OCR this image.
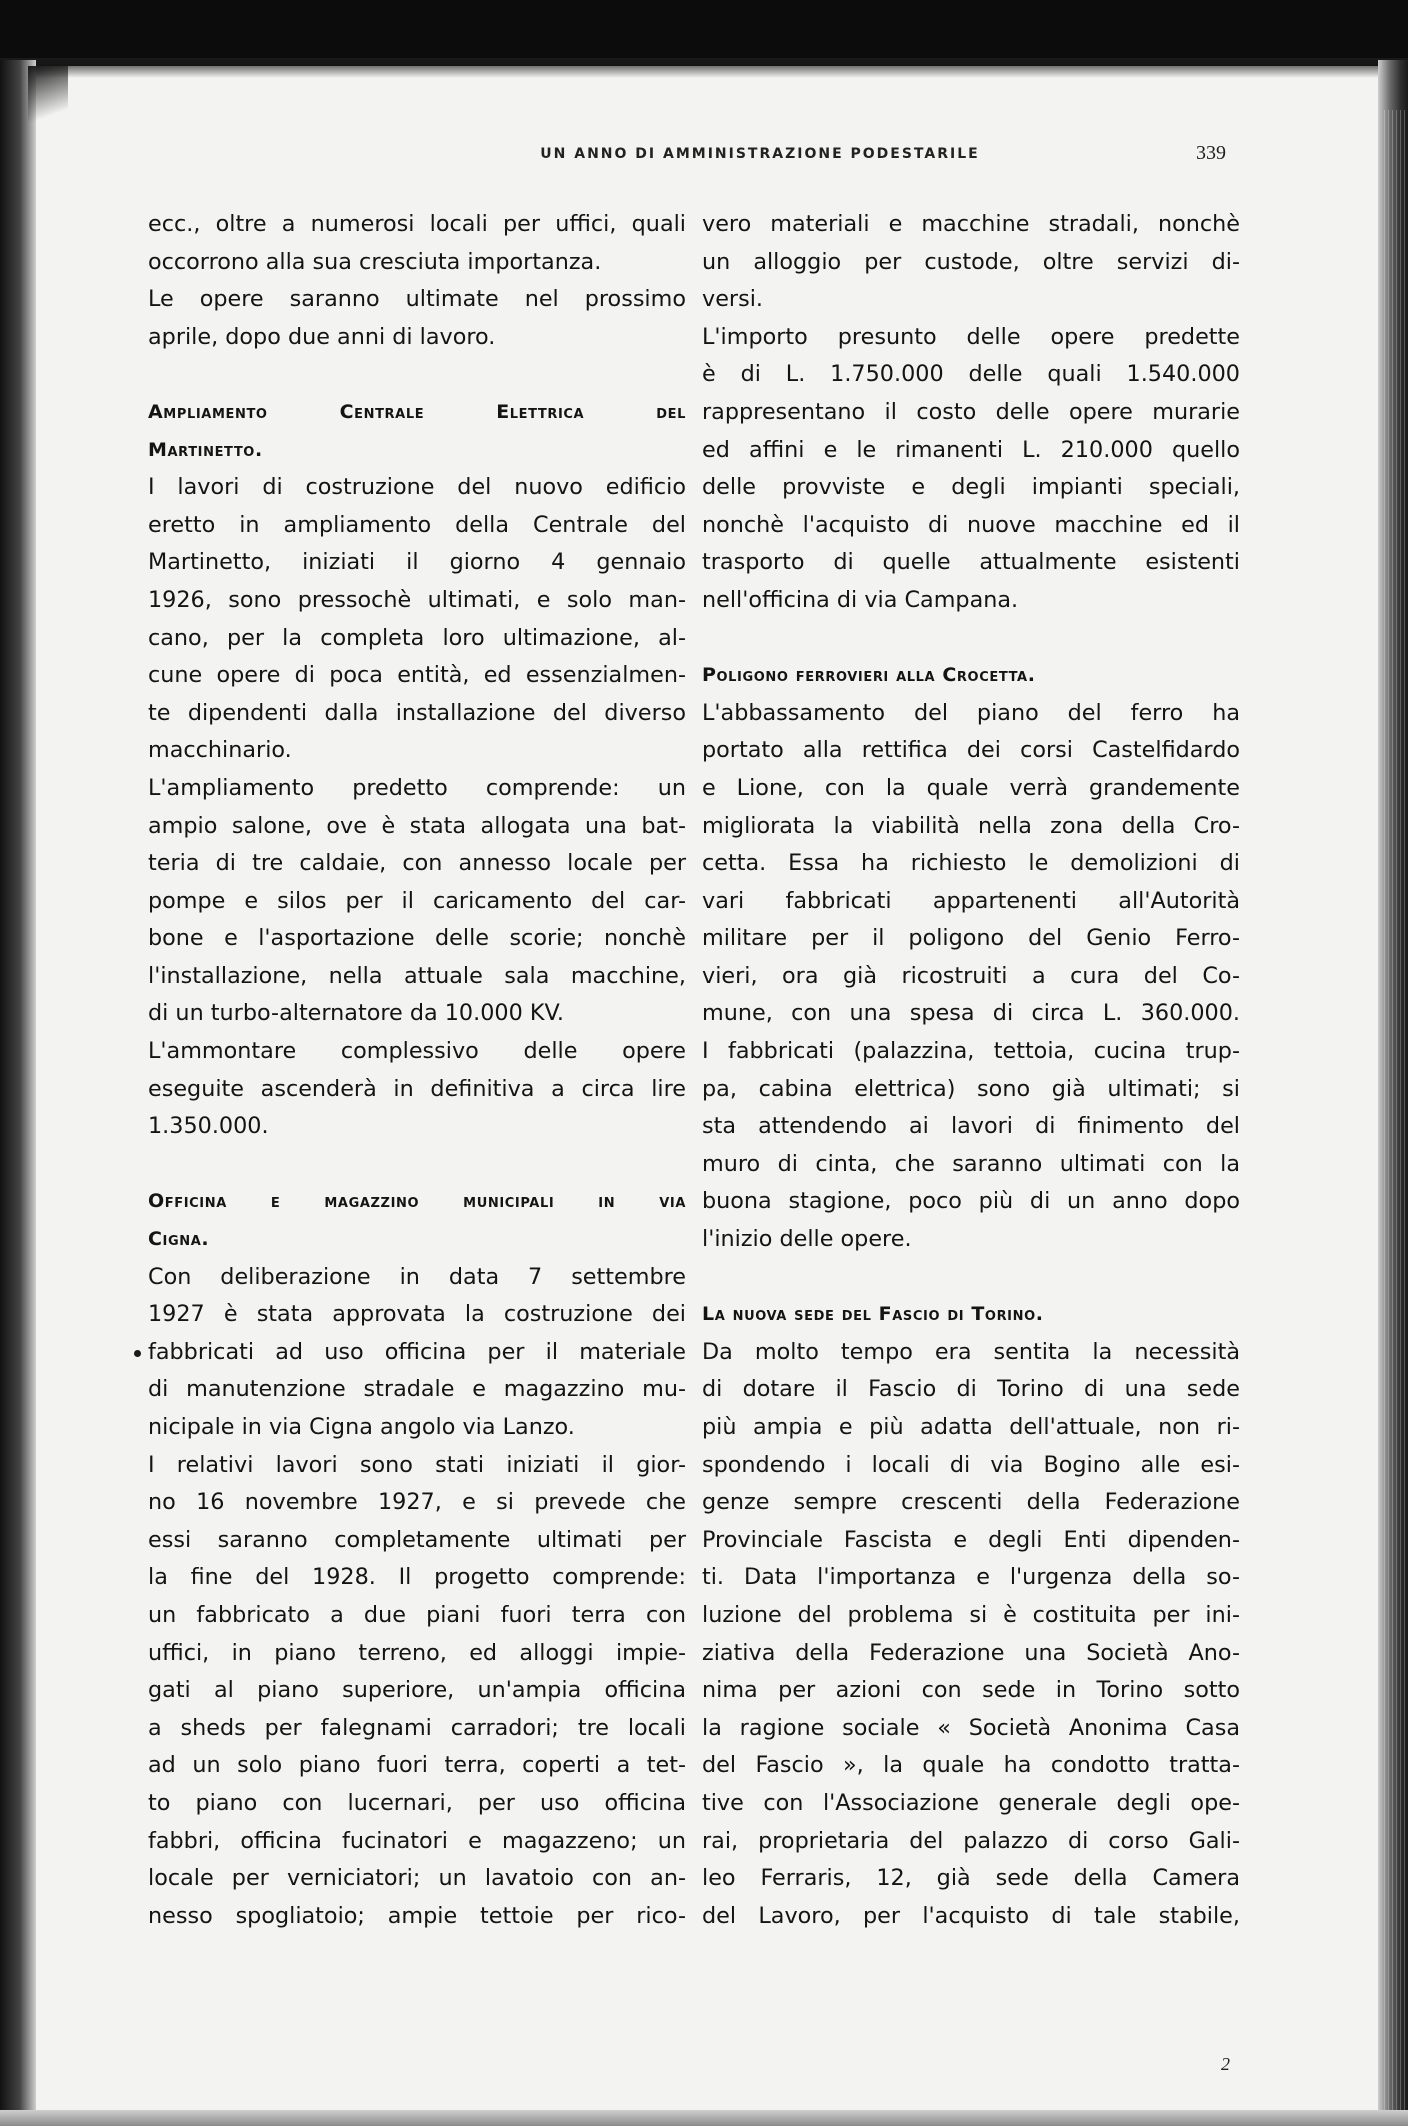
UN ANNO DI AMMINISTRAZIONE PODESTARILE	339
ecc., oltre a numerosi locali per uffici, quali
occorrono alla sua cresciuta importanza.
Le opere saranno ultimate nel prossimo
aprile, dopo due anni di lavoro.
Ampliamento Centrale Elettrica del
Martinetto.
I lavori di costruzione del nuovo edificio
eretto in ampliamento della Centrale del
Martinetto, iniziati il giorno 4 gennaio
1926, sono pressochè ultimati, e solo man-
cano, per la completa loro ultimazione, al-
cune opere di poca entità, ed essenzialmen-
te dipendenti dalla installazione del diverso
macchinario.
L'ampliamento predetto comprende: un
ampio salone, ove è stata allogata una bat-
teria di tre caldaie, con annesso locale per
pompe e silos per il caricamento del car-
bone e l'asportazione delle scorie; nonchè
l'installazione, nella attuale sala macchine,
di un turbo-alternatore da 10.000 KV.
L'ammontare complessivo delle opere
eseguite ascenderà in definitiva a circa lire
1.350.000.
Officina e magazzino municipali in via
Cigna.
Con deliberazione in data 7 settembre
1927 è stata approvata la costruzione dei
fabbricati ad uso officina per il materiale
di manutenzione stradale e magazzino mu-
nicipale in via Cigna angolo via Lanzo.
I relativi lavori sono stati iniziati il gior-
no 16 novembre 1927, e si prevede che
essi saranno completamente ultimati per
la fine del 1928. Il progetto comprende:
un fabbricato a due piani fuori terra con
uffici, in piano terreno, ed alloggi impie-
gati al piano superiore, un'ampia officina
a sheds per falegnami carradori; tre locali
ad un solo piano fuori terra, coperti a tet-
to piano con lucernari, per uso officina
fabbri, officina fucinatori e magazzeno; un
locale per verniciatori; un lavatoio con an-
nesso spogliatoio; ampie tettoie per rico-
vero materiali e macchine stradali, nonchè
un alloggio per custode, oltre servizi di-
versi.
L'importo presunto delle opere predette
è di L. 1.750.000 delle quali 1.540.000
rappresentano il costo delle opere murarie
ed affini e le rimanenti L. 210.000 quello
delle provviste e degli impianti speciali,
nonchè l'acquisto di nuove macchine ed il
trasporto di quelle attualmente esistenti
nell'officina di via Campana.
Poligono ferrovieri alla Crocetta.
L'abbassamento del piano del ferro ha
portato alla rettifica dei corsi Castelfidardo
e Lione, con la quale verrà grandemente
migliorata la viabilità nella zona della Cro-
cetta. Essa ha richiesto le demolizioni di
vari fabbricati appartenenti all'Autorità
militare per il poligono del Genio Ferro-
vieri, ora già ricostruiti a cura del Co-
mune, con una spesa di circa L. 360.000.
I fabbricati (palazzina, tettoia, cucina trup-
pa, cabina elettrica) sono già ultimati; si
sta attendendo ai lavori di finimento del
muro di cinta, che saranno ultimati con la
buona stagione, poco più di un anno dopo
l'inizio delle opere.
La nuova sede del Fascio di Torino.
Da molto tempo era sentita la necessità
di dotare il Fascio di Torino di una sede
più ampia e più adatta dell'attuale, non ri-
spondendo i locali di via Bogino alle esi-
genze sempre crescenti della Federazione
Provinciale Fascista e degli Enti dipenden-
ti. Data l'importanza e l'urgenza della so-
luzione del problema si è costituita per ini-
ziativa della Federazione una Società Ano-
nima per azioni con sede in Torino sotto
la ragione sociale « Società Anonima Casa
del Fascio », la quale ha condotto tratta-
tive con l'Associazione generale degli ope-
rai, proprietaria del palazzo di corso Gali-
leo Ferraris, 12, già sede della Camera
del Lavoro, per l'acquisto di tale stabile,
2
